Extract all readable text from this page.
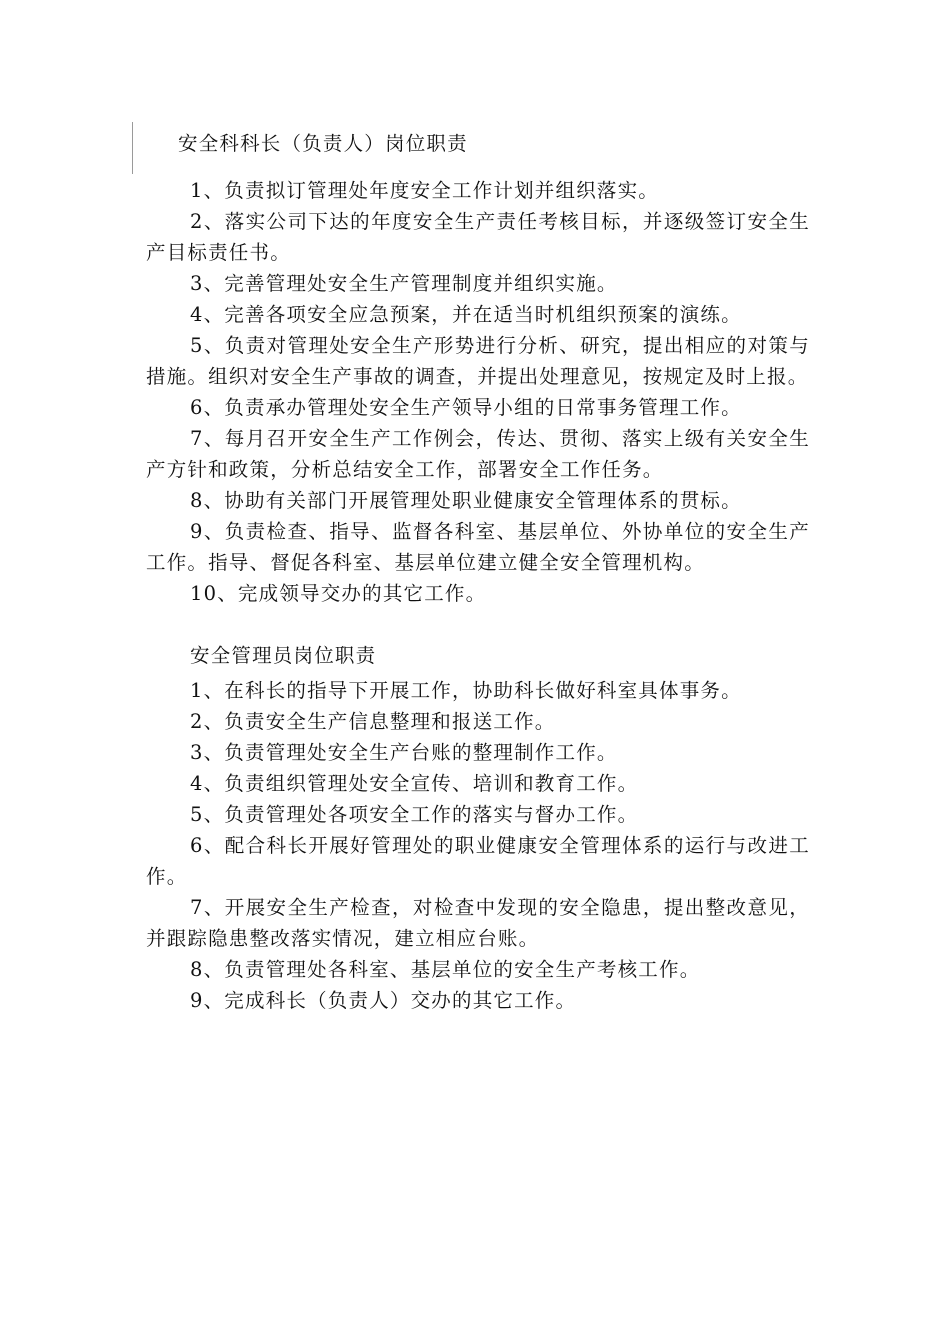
安全科科长（负责人）岗位职责

1、负责拟订管理处年度安全工作计划并组织落实。

2、落实公司下达的年度安全生产责任考核目标，并逐级签订安全生产目标责任书。

3、完善管理处安全生产管理制度并组织实施。

4、完善各项安全应急预案，并在适当时机组织预案的演练。

5、负责对管理处安全生产形势进行分析、研究，提出相应的对策与措施。组织对安全生产事故的调查，并提出处理意见，按规定及时上报。

6、负责承办管理处安全生产领导小组的日常事务管理工作。

7、每月召开安全生产工作例会，传达、贯彻、落实上级有关安全生产方针和政策，分析总结安全工作，部署安全工作任务。

8、协助有关部门开展管理处职业健康安全管理体系的贯标。

9、负责检查、指导、监督各科室、基层单位、外协单位的安全生产工作。指导、督促各科室、基层单位建立健全安全管理机构。

10、完成领导交办的其它工作。

安全管理员岗位职责

1、在科长的指导下开展工作，协助科长做好科室具体事务。

2、负责安全生产信息整理和报送工作。

3、负责管理处安全生产台账的整理制作工作。

4、负责组织管理处安全宣传、培训和教育工作。

5、负责管理处各项安全工作的落实与督办工作。

6、配合科长开展好管理处的职业健康安全管理体系的运行与改进工作。

7、开展安全生产检查，对检查中发现的安全隐患，提出整改意见，并跟踪隐患整改落实情况，建立相应台账。

8、负责管理处各科室、基层单位的安全生产考核工作。

9、完成科长（负责人）交办的其它工作。
